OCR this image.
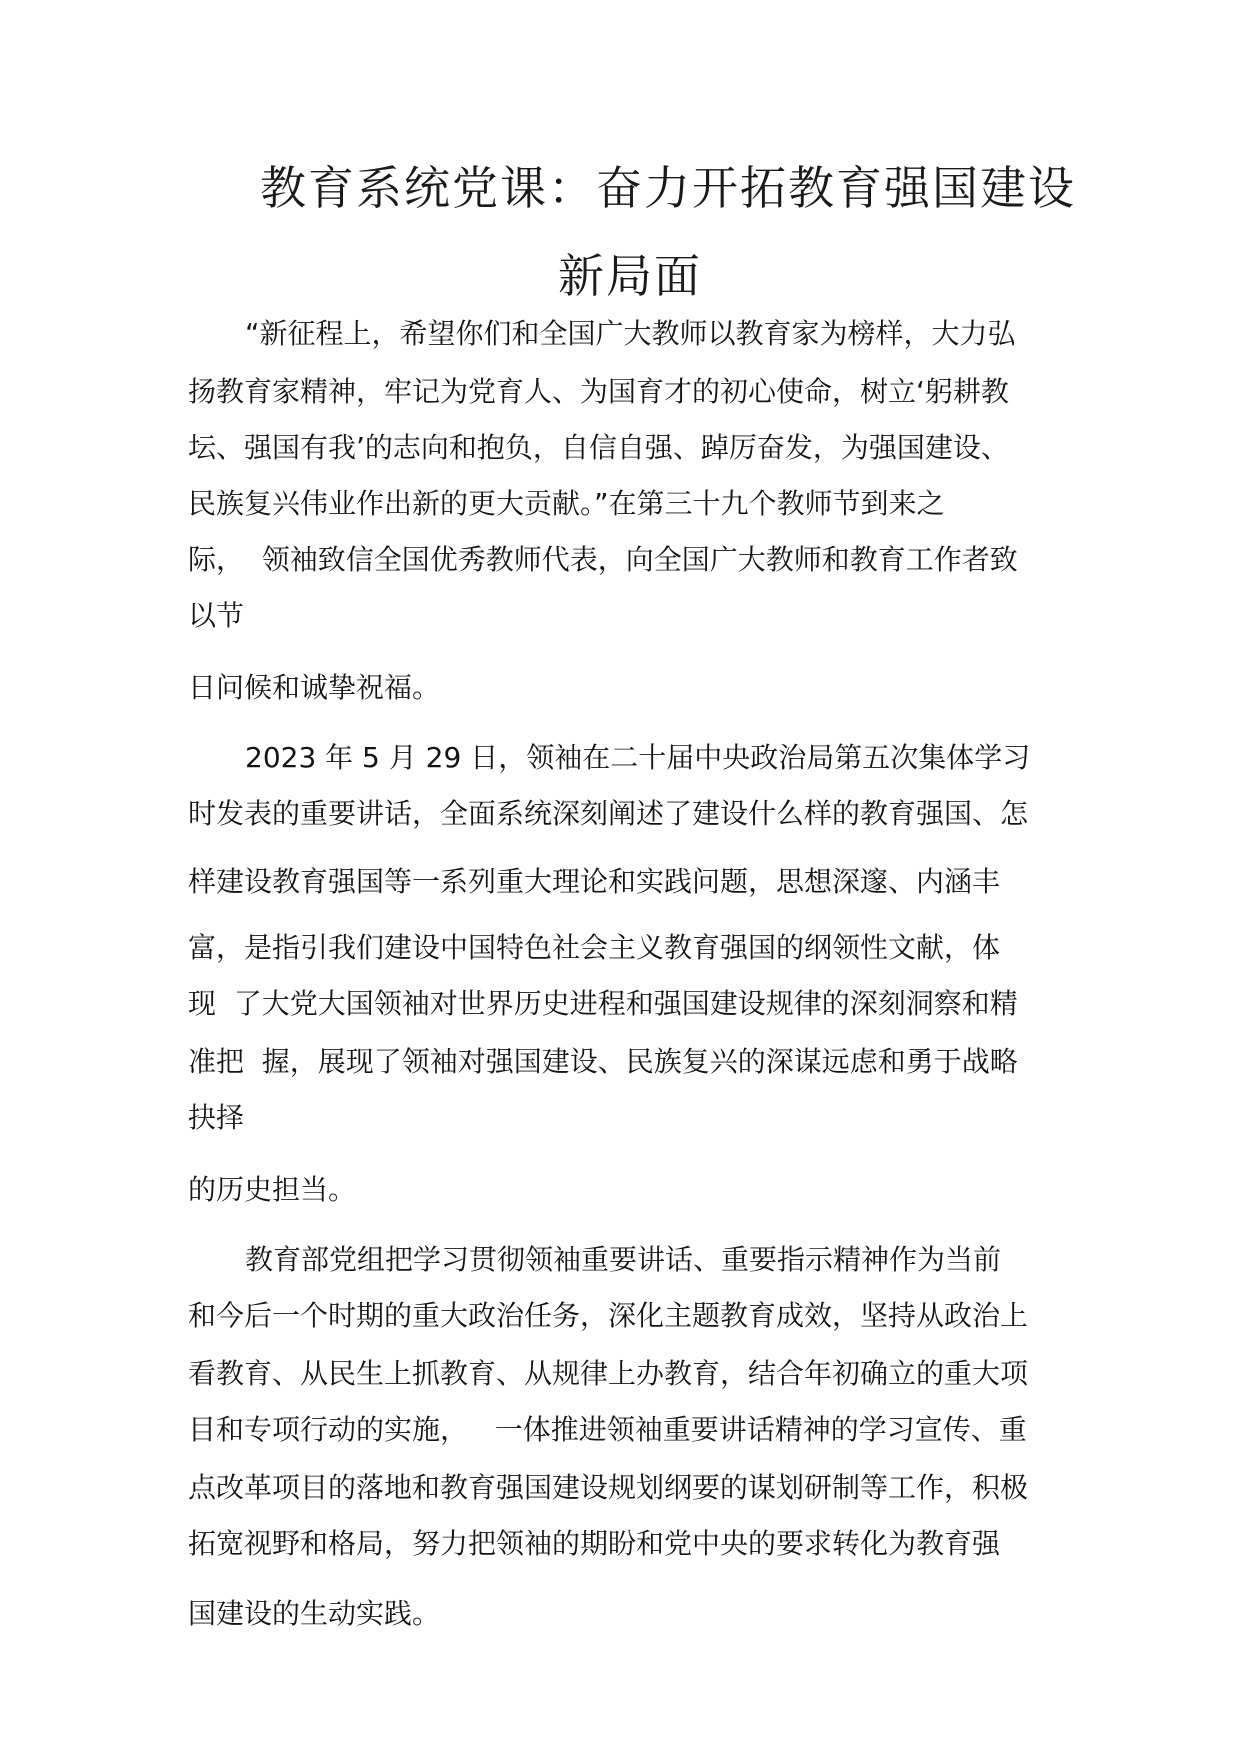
教育系统党课：奋力开拓教育强国建设
新局面
“新征程上，希望你们和全国广大教师以教育家为榜样，大力弘
扬教育家精神，牢记为党育人、为国育才的初心使命，树立‘躬耕教
坛、强国有我’的志向和抱负，自信自强、踔厉奋发，为强国建设、
民族复兴伟业作出新的更大贡献。”在第三十九个教师节到来之
际，  领袖致信全国优秀教师代表，向全国广大教师和教育工作者致
以节
日问候和诚挚祝福。
2023 年 5 月 29 日，领袖在二十届中央政治局第五次集体学习
时发表的重要讲话，全面系统深刻阐述了建设什么样的教育强国、怎
样建设教育强国等一系列重大理论和实践问题，思想深邃、内涵丰
富，是指引我们建设中国特色社会主义教育强国的纲领性文献，体
现  了大党大国领袖对世界历史进程和强国建设规律的深刻洞察和精
准把  握，展现了领袖对强国建设、民族复兴的深谋远虑和勇于战略
抉择
的历史担当。
教育部党组把学习贯彻领袖重要讲话、重要指示精神作为当前
和今后一个时期的重大政治任务，深化主题教育成效，坚持从政治上
看教育、从民生上抓教育、从规律上办教育，结合年初确立的重大项
目和专项行动的实施，   一体推进领袖重要讲话精神的学习宣传、重
点改革项目的落地和教育强国建设规划纲要的谋划研制等工作，积极
拓宽视野和格局，努力把领袖的期盼和党中央的要求转化为教育强
国建设的生动实践。
